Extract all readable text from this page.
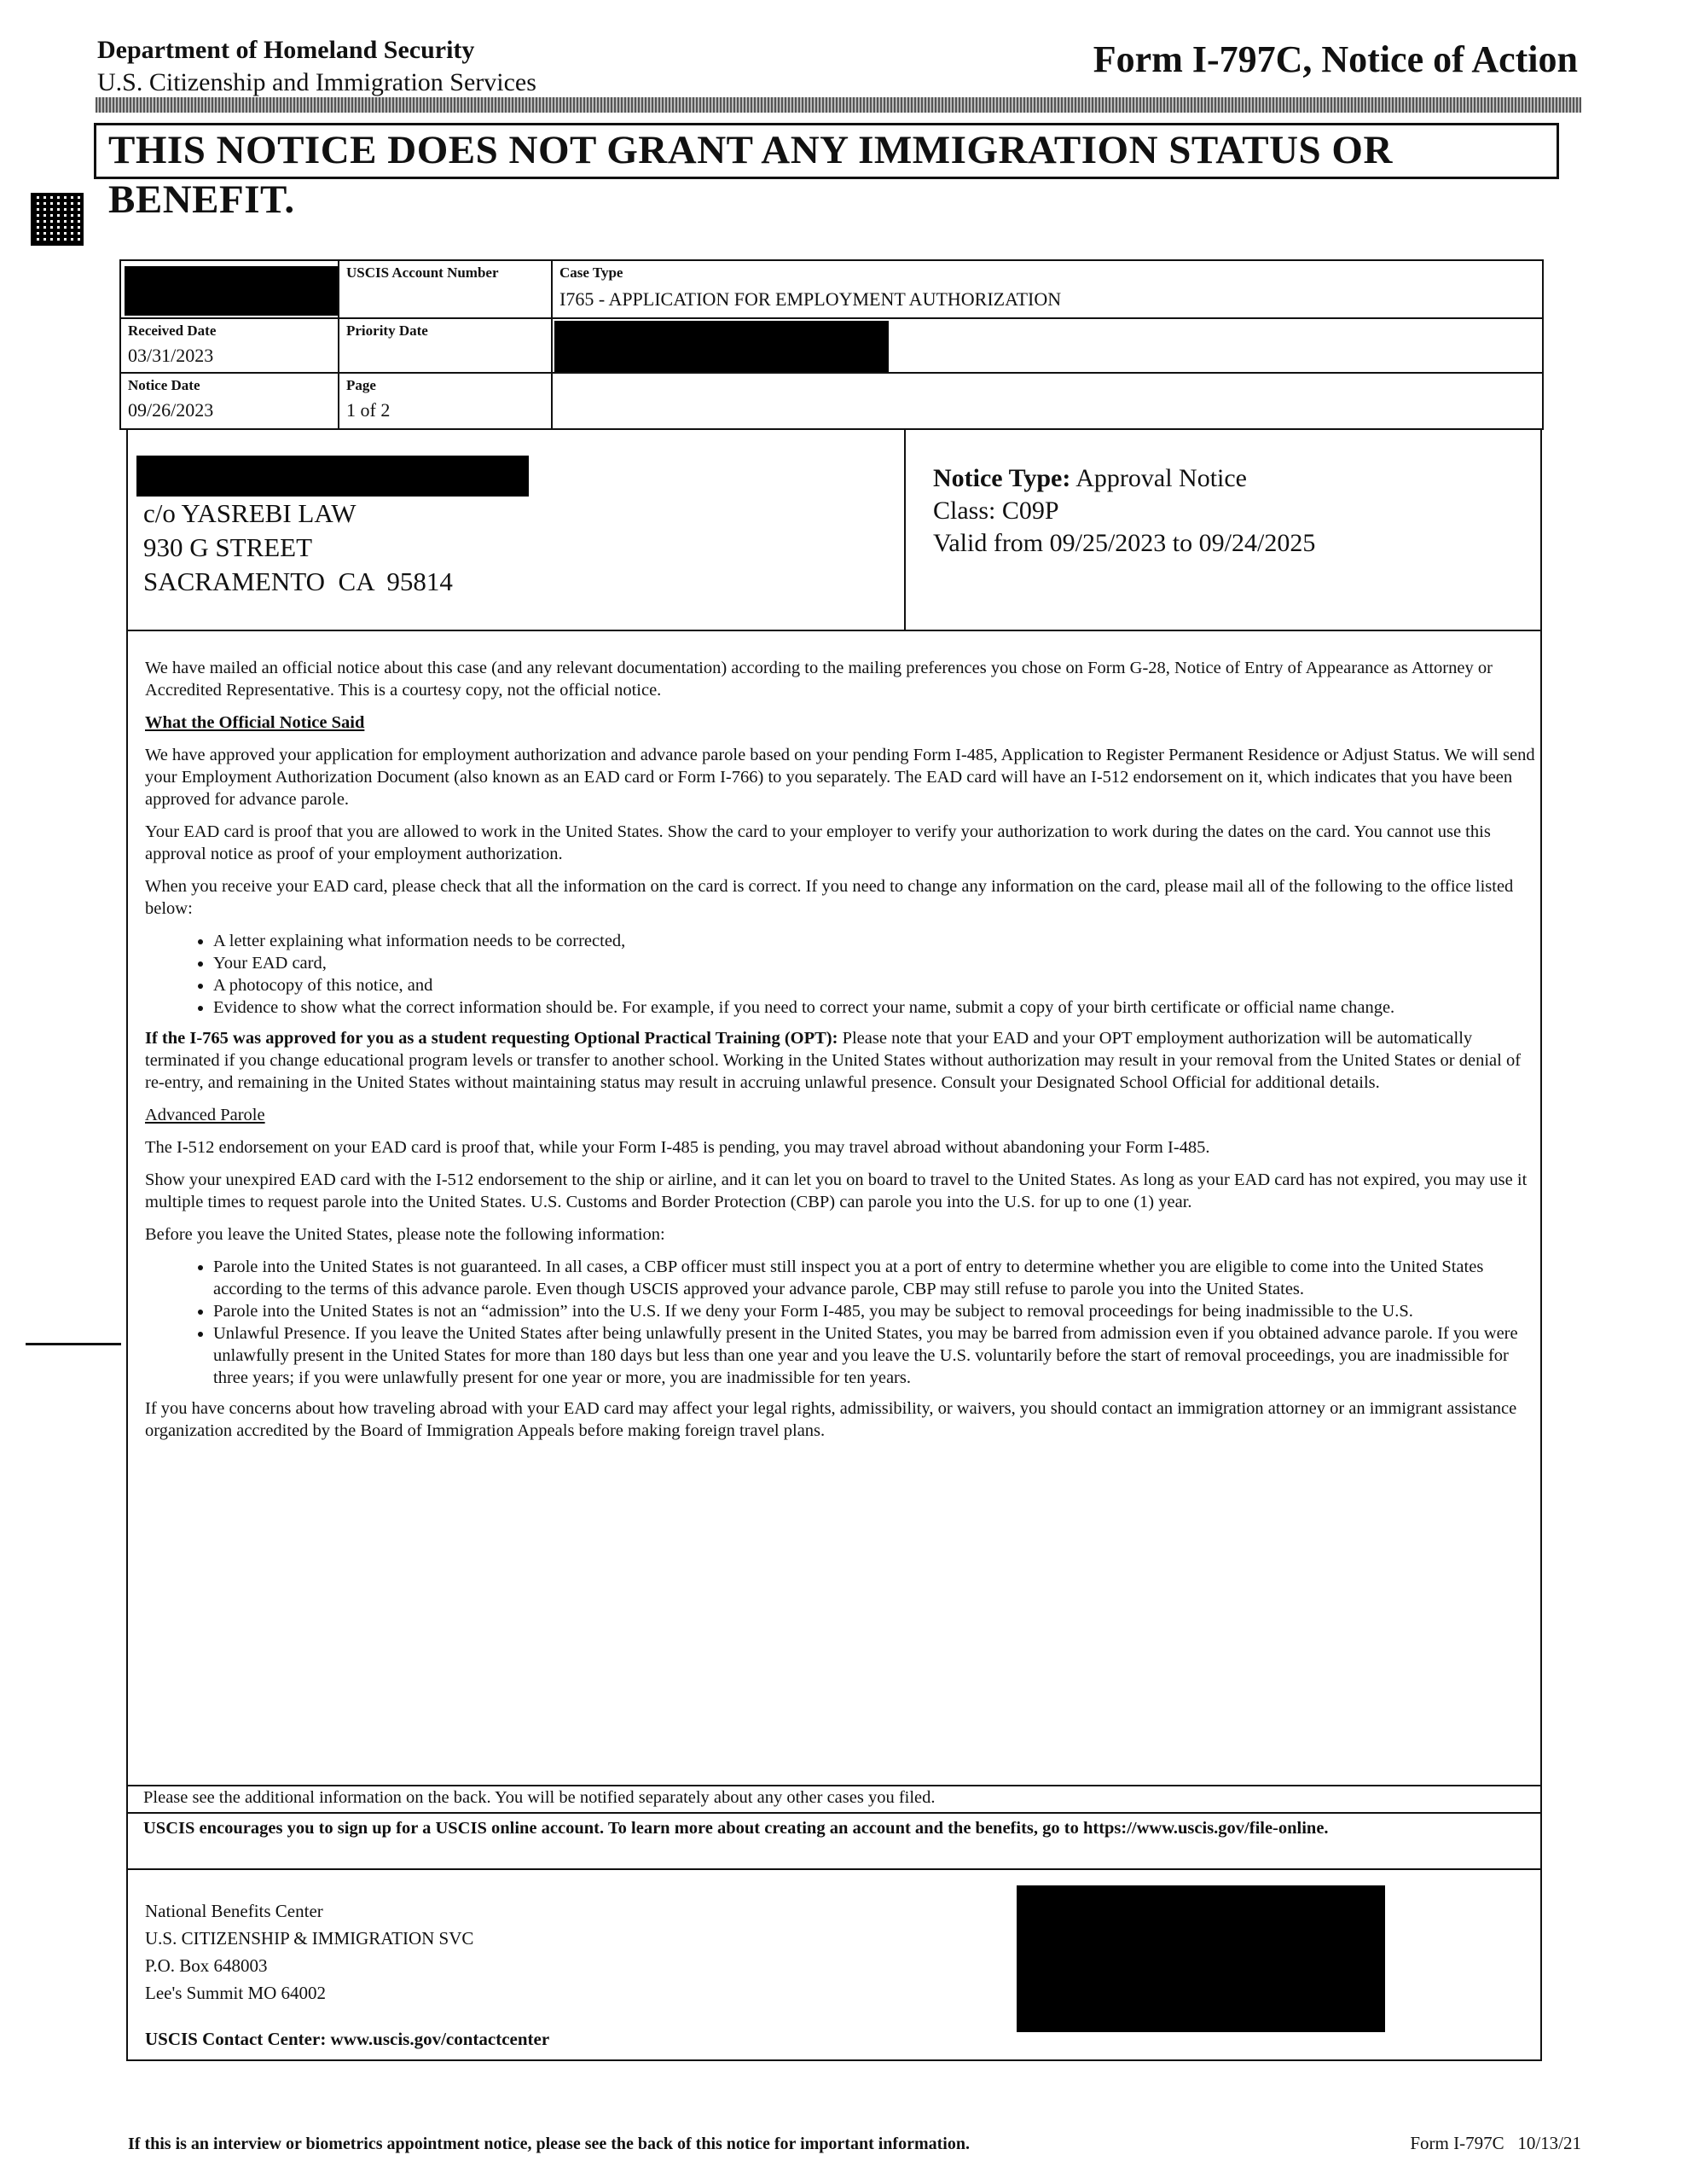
Department of Homeland Security
U.S. Citizenship and Immigration Services
Form I-797C, Notice of Action
THIS NOTICE DOES NOT GRANT ANY IMMIGRATION STATUS OR BENEFIT.
USCIS Account Number	Case Type
I765 - APPLICATION FOR EMPLOYMENT AUTHORIZATION
Received Date
03/31/2023
Priority Date
Notice Date
09/26/2023
Page
1 of 2
c/o YASREBI LAW
930 G STREET
SACRAMENTO  CA  95814
Notice Type: Approval Notice
Class: C09P
Valid from 09/25/2023 to 09/24/2025

We have mailed an official notice about this case (and any relevant documentation) according to the mailing preferences you chose on Form G-28, Notice of Entry of Appearance as Attorney or Accredited Representative. This is a courtesy copy, not the official notice.

What the Official Notice Said

We have approved your application for employment authorization and advance parole based on your pending Form I-485, Application to Register Permanent Residence or Adjust Status. We will send your Employment Authorization Document (also known as an EAD card or Form I-766) to you separately. The EAD card will have an I-512 endorsement on it, which indicates that you have been approved for advance parole.

Your EAD card is proof that you are allowed to work in the United States. Show the card to your employer to verify your authorization to work during the dates on the card. You cannot use this approval notice as proof of your employment authorization.

When you receive your EAD card, please check that all the information on the card is correct. If you need to change any information on the card, please mail all of the following to the office listed below:

• A letter explaining what information needs to be corrected,
• Your EAD card,
• A photocopy of this notice, and
• Evidence to show what the correct information should be. For example, if you need to correct your name, submit a copy of your birth certificate or official name change.

If the I-765 was approved for you as a student requesting Optional Practical Training (OPT): Please note that your EAD and your OPT employment authorization will be automatically terminated if you change educational program levels or transfer to another school. Working in the United States without authorization may result in your removal from the United States or denial of re-entry, and remaining in the United States without maintaining status may result in accruing unlawful presence. Consult your Designated School Official for additional details.

Advanced Parole

The I-512 endorsement on your EAD card is proof that, while your Form I-485 is pending, you may travel abroad without abandoning your Form I-485.

Show your unexpired EAD card with the I-512 endorsement to the ship or airline, and it can let you on board to travel to the United States. As long as your EAD card has not expired, you may use it multiple times to request parole into the United States. U.S. Customs and Border Protection (CBP) can parole you into the U.S. for up to one (1) year.

Before you leave the United States, please note the following information:

• Parole into the United States is not guaranteed. In all cases, a CBP officer must still inspect you at a port of entry to determine whether you are eligible to come into the United States according to the terms of this advance parole. Even though USCIS approved your advance parole, CBP may still refuse to parole you into the United States.
• Parole into the United States is not an “admission” into the U.S. If we deny your Form I-485, you may be subject to removal proceedings for being inadmissible to the U.S.
• Unlawful Presence. If you leave the United States after being unlawfully present in the United States, you may be barred from admission even if you obtained advance parole. If you were unlawfully present in the United States for more than 180 days but less than one year and you leave the U.S. voluntarily before the start of removal proceedings, you are inadmissible for three years; if you were unlawfully present for one year or more, you are inadmissible for ten years.

If you have concerns about how traveling abroad with your EAD card may affect your legal rights, admissibility, or waivers, you should contact an immigration attorney or an immigrant assistance organization accredited by the Board of Immigration Appeals before making foreign travel plans.

Please see the additional information on the back. You will be notified separately about any other cases you filed.
USCIS encourages you to sign up for a USCIS online account. To learn more about creating an account and the benefits, go to https://www.uscis.gov/file-online.
National Benefits Center
U.S. CITIZENSHIP & IMMIGRATION SVC
P.O. Box 648003
Lee's Summit MO 64002
USCIS Contact Center: www.uscis.gov/contactcenter
If this is an interview or biometrics appointment notice, please see the back of this notice for important information.	Form I-797C   10/13/21
